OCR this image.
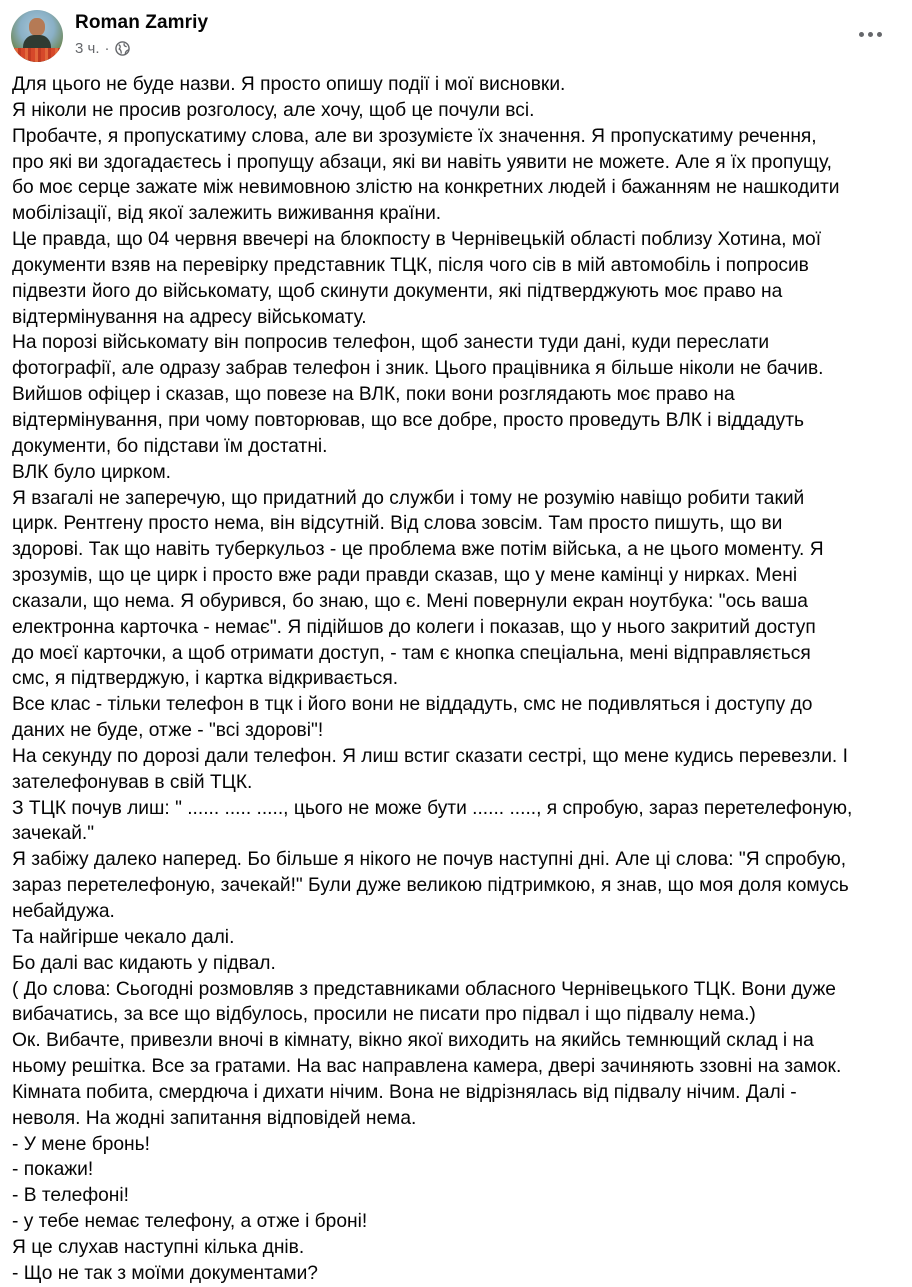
Roman Zamriy
3 ч. ·

Для цього не буде назви. Я просто опишу події і мої висновки.

Я ніколи не просив розголосу, але хочу, щоб це почули всі.

Пробачте, я пропускатиму слова, але ви зрозумієте їх значення. Я пропускатиму речення,

про які ви здогадаєтесь і пропущу абзаци, які ви навіть уявити не можете. Але я їх пропущу,

бо моє серце зажате між невимовною злістю на конкретних людей і бажанням не нашкодити

мобілізації, від якої залежить виживання країни.

Це правда, що 04 червня ввечері на блокпосту в Чернівецькій області поблизу Хотина, мої

документи взяв на перевірку представник ТЦК, після чого сів в мій автомобіль і попросив

підвезти його до військомату, щоб скинути документи, які підтверджують моє право на

відтермінування на адресу військомату.

На порозі військомату він попросив телефон, щоб занести туди дані, куди переслати

фотографії, але одразу забрав телефон і зник. Цього працівника я більше ніколи не бачив.

Вийшов офіцер і сказав, що повезе на ВЛК, поки вони розглядають моє право на

відтермінування, при чому повторював, що все добре, просто проведуть ВЛК і віддадуть

документи, бо підстави їм достатні.

ВЛК було цирком.

Я взагалі не заперечую, що придатний до служби і тому не розумію навіщо робити такий

цирк. Рентгену просто нема, він відсутній. Від слова зовсім. Там просто пишуть, що ви

здорові. Так що навіть туберкульоз - це проблема вже потім війська, а не цього моменту. Я

зрозумів, що це цирк і просто вже ради правди сказав, що у мене камінці у нирках. Мені

сказали, що нема. Я обурився, бо знаю, що є. Мені повернули екран ноутбука: "ось ваша

електронна карточка - немає". Я підійшов до колеги і показав, що у нього закритий доступ

до моєї карточки, а щоб отримати доступ, - там є кнопка спеціальна, мені відправляється

смс, я підтверджую, і картка відкривається.

Все клас - тільки телефон в тцк і його вони не віддадуть, смс не подивляться і доступу до

даних не буде, отже - "всі здорові"!

На секунду по дорозі дали телефон. Я лиш встиг сказати сестрі, що мене кудись перевезли. І

зателефонував в свій ТЦК.

З ТЦК почув лиш: " ...... ..... ....., цього не може бути ...... ....., я спробую, зараз перетелефоную,

зачекай."

Я забіжу далеко наперед. Бо більше я нікого не почув наступні дні. Але ці слова: "Я спробую,

зараз перетелефоную, зачекай!" Були дуже великою підтримкою, я знав, що моя доля комусь

небайдужа.

Та найгірше чекало далі.

Бо далі вас кидають у підвал.

( До слова: Сьогодні розмовляв з представниками обласного Чернівецького ТЦК. Вони дуже

вибачатись, за все що відбулось, просили не писати про підвал і що підвалу нема.)

Ок. Вибачте, привезли вночі в кімнату, вікно якої виходить на якийсь темнющий склад і на

ньому решітка. Все за гратами. На вас направлена камера, двері зачиняють ззовні на замок.

Кімната побита, смердюча і дихати нічим. Вона не відрізнялась від підвалу нічим. Далі -

неволя. На жодні запитання відповідей нема.

- У мене бронь!

- покажи!

- В телефоні!

- у тебе немає телефону, а отже і броні!

Я це слухав наступні кілька днів.

- Що не так з моїми документами?
